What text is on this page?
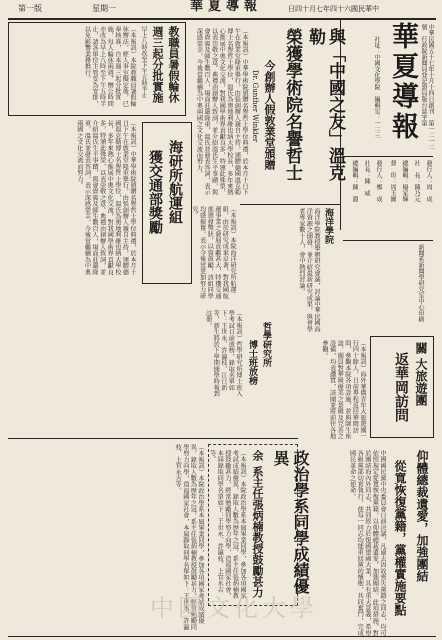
第一版	星期一	華夏導報	日四十月七年四十六國民華中
中華民國五十七年十月十四日創刊　第一二一二號　行政院新聞局登記證局版台誌字第
華夏導報
社址：中國文化學院　編輯室：一二三
發行人：周　成
社　長：陳乃元
總編輯：楊家輝
督　印：周玉圖
發行人：鄭　成
社長：陳　威
總編輯：陳　淵
新聞系新聞學研究室中心印刷
與「中國之友」溫克勒
榮獲學術院名譽哲士
今創辦人假敦業堂頒贈
Dr. Gunther Winkler
（本報訊）中華學術院頒贈名譽哲士學位典禮，於本月十日下午在敦業堂隆重舉行，由張創辦人親自主持，頒贈德國溫克勒博士名譽哲士學位，溫氏為奧地利維也納大學校長，多年來熱心推展中奧文化交流，對我國學術界貢獻良多，特頒此殊榮，以表崇敬之意。典禮由創辦人致詞，並介紹溫氏生平事蹟，與會貴賓及師生數百人，場面莊嚴隆重，溫氏並發表答詞，表示深感榮幸，今後當繼續為中奧兩國之文化交流而努力。
教職員暑假輪休
週三起分批實施
早上八時改至下午五時半止
（本報訊）本院教職員暑假輪休辦法，經人事室擬定後，已奉核准，自本週三起分批實施，每人輪休兩週，辦公時間亦改為早上八時至下午五時半止，請各單位主管妥為安排，以免影響業務推行。
（本報訊）中華學術院頒贈名譽哲士學位典禮，於本月十日下午在敦業堂隆重舉行，由張創辦人親自主持，頒贈德國溫克勒博士名譽哲士學位，溫氏為奧地利維也納大學校長，多年來熱心推展中奧文化交流，對我國學術界貢獻良多，特頒此殊榮，以表崇敬之意。典禮由創辦人致詞，並介紹溫氏生平事蹟，與會貴賓及師生數百人，場面莊嚴隆重，溫氏並發表答詞，表示深感榮幸，今後當繼續為中奧兩國之文化交流而努力。	海研所航運組
獲交通部獎勵
（本報訊）本院海洋研究所航運組，由於研究成果卓著，對我國航運事業之發展貢獻甚大，特獲交通部頒發獎狀，以資鼓勵，該組同學均感振奮，表示今後當更加努力研究。	海洋學院
海洋學院教授舉辦研究會議，討論中華民國海洋資源之開發，並介紹最新研究成果，與會學者專家數十人，會中熱烈討論。
哲學研究所
博士班放榜
（本報訊）哲學研究所博士班入學考試日前放榜，錄取名單如下：王世永、許瀛枝、江日新等，新生將於下學期開學時報到註冊。
關
大旅遊團
返華岡訪問
（本報訊）海外華僑青年大旅遊團一行四十餘人，日前專程返回華岡訪問，參觀本院各項設施，並與師生座談，團員對華岡優美之景緻及完善之設備，均表讚賞，該團並將前往各地參觀。
仰體總裁遺愛，加強團結
從寬恢復黨籍，黨權實施要點
中國國民黨中央委員會日前決議，凡過去因故喪失黨籍之同志，均可依照規定從寬恢復黨籍，以仰體總裁遺愛，加強團結。此項措施，對於團結海內外同志，共同致力於復國建國大業，具有重大意義，希望各級黨部切實執行，使每一同志均能重回黨的懷抱，共同奮鬥，完成國民革命之使命。
政治學系同學成績優異
余
系主任張炳楠教授鼓勵甚力
（本報訊）本院政治學系本屆畢業同學，參加各項國家考試成績優異，錄取人數為歷年之冠，系主任張炳楠教授鼓勵甚力，經常勉勵同學努力向學，造福國家社會，本屆錄取同學名單如下：王世永、許瀛枝、上官永吉等。
（本報訊）本院政治學系本屆畢業同學，參加各項國家考試成績優異，錄取人數為歷年之冠，系主任張炳楠教授鼓勵甚力，經常勉勵同學努力向學，造福國家社會，本屆錄取同學名單如下：王世永、許瀛枝、上官永吉等。
中國文化大學
